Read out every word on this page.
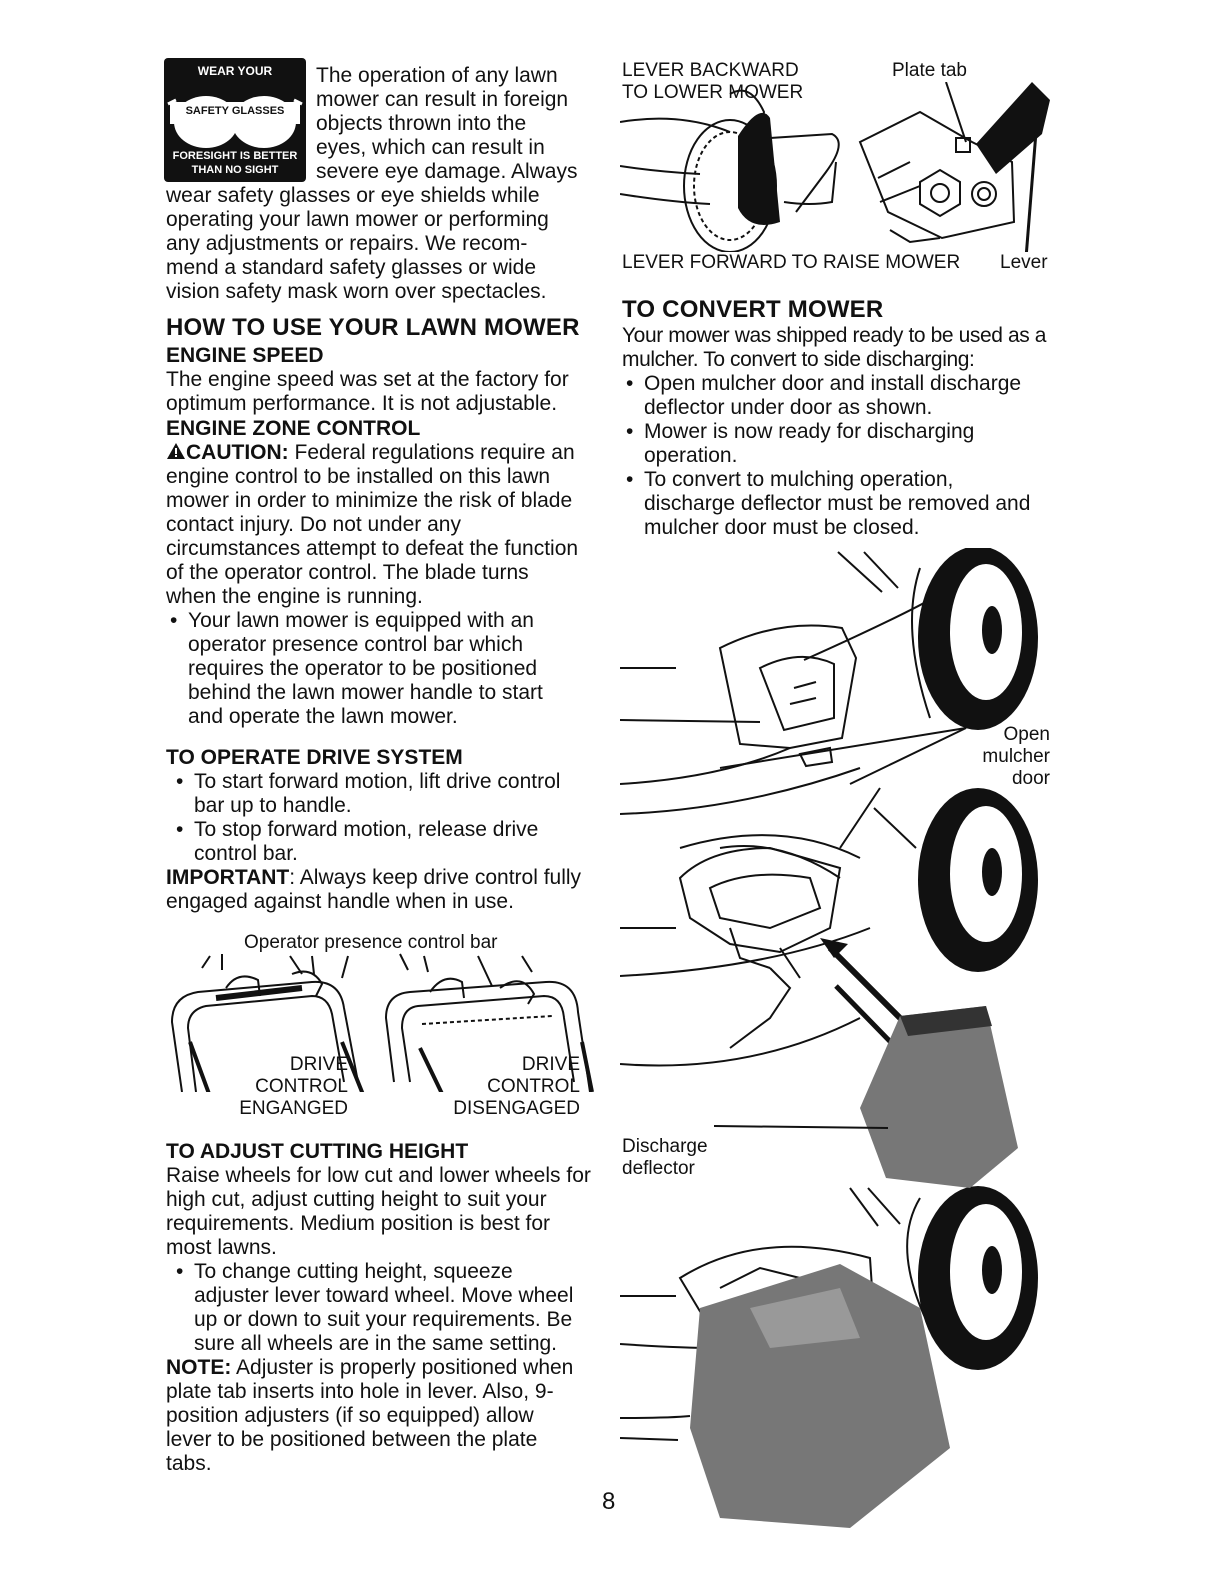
WEAR YOUR
SAFETY GLASSES
FORESIGHT IS BETTER
THAN NO SIGHT
The operation of any lawn
mower can result in foreign
objects thrown into the
eyes, which can result in
severe eye damage. Always
wear safety glasses or eye shields while
operating your lawn mower or performing
any adjustments or repairs. We recom-
mend a standard safety glasses or wide
vision safety mask worn over spectacles.
HOW TO USE YOUR LAWN MOWER
ENGINE SPEED

The engine speed was set at the factory for optimum performance. It is not adjustable.

ENGINE ZONE CONTROL

CAUTION: Federal regulations require an engine control to be installed on this lawn mower in order to minimize the risk of blade contact injury. Do not under any circumstances attempt to defeat the function of the operator control. The blade turns when the engine is running.

• Your lawn mower is equipped with an operator presence control bar which requires the operator to be positioned behind the lawn mower handle to start and operate the lawn mower.
TO OPERATE DRIVE SYSTEM
• To start forward motion, lift drive control bar up to handle.
• To stop forward motion, release drive control bar.

IMPORTANT: Always keep drive control fully engaged against handle when in use.

Operator presence control bar
DRIVE
CONTROL
ENGANGED
DRIVE
CONTROL
DISENGAGED
TO ADJUST CUTTING HEIGHT

Raise wheels for low cut and lower wheels for high cut, adjust cutting height to suit your requirements. Medium position is best for most lawns.

• To change cutting height, squeeze adjuster lever toward wheel. Move wheel up or down to suit your requirements. Be sure all wheels are in the same setting.

NOTE: Adjuster is properly positioned when plate tab inserts into hole in lever. Also, 9-position adjusters (if so equipped) allow lever to be positioned between the plate tabs.

8
LEVER BACKWARD
TO LOWER MOWER
Plate tab
LEVER FORWARD TO RAISE MOWER Lever
TO CONVERT MOWER

Your mower was shipped ready to be used as a mulcher. To convert to side discharging:

• Open mulcher door and install discharge deflector under door as shown.
• Mower is now ready for discharging operation.
• To convert to mulching operation, discharge deflector must be removed and mulcher door must be closed.
Open
mulcher
door
Discharge
deflector
